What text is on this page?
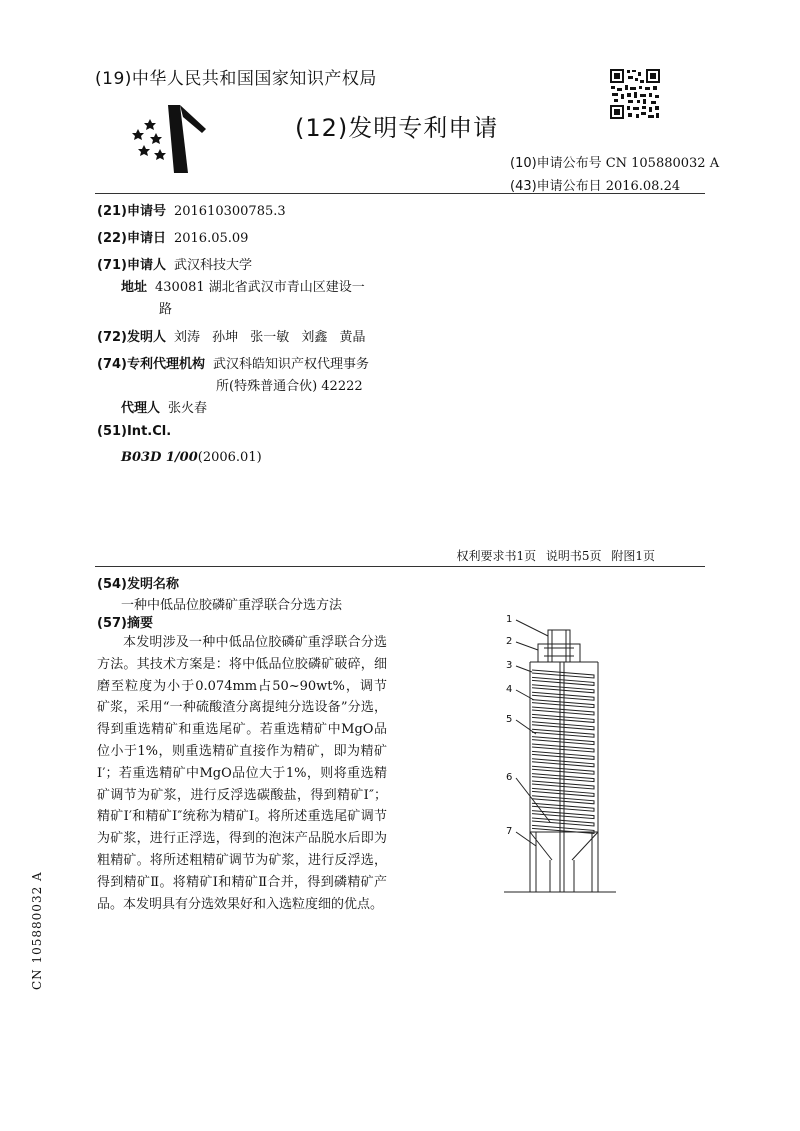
(19)中华人民共和国国家知识产权局
(12)发明专利申请
(10)申请公布号 CN 105880032 A
(43)申请公布日 2016.08.24
(21)申请号 201610300785.3
(22)申请日 2016.05.09
(71)申请人 武汉科技大学
地址 430081 湖北省武汉市青山区建设一
路
(72)发明人 刘涛 孙坤 张一敏 刘鑫 黄晶
(74)专利代理机构 武汉科皓知识产权代理事务
所(特殊普通合伙) 42222
代理人 张火春
(51)Int.Cl.
B03D 1/00(2006.01)
权利要求书1页 说明书5页 附图1页
(54)发明名称
一种中低品位胶磷矿重浮联合分选方法
(57)摘要

本发明涉及一种中低品位胶磷矿重浮联合分选方法。其技术方案是：将中低品位胶磷矿破碎，细磨至粒度为小于0.074mm占50~90wt%，调节矿浆，采用“一种硫酸渣分离提纯分选设备”分选，得到重选精矿和重选尾矿。若重选精矿中MgO品位小于1%，则重选精矿直接作为精矿，即为精矿Ⅰ′；若重选精矿中MgO品位大于1%，则将重选精矿调节为矿浆，进行反浮选碳酸盐，得到精矿Ⅰ″；精矿Ⅰ′和精矿Ⅰ″统称为精矿Ⅰ。将所述重选尾矿调节为矿浆，进行正浮选，得到的泡沫产品脱水后即为粗精矿。将所述粗精矿调节为矿浆，进行反浮选，得到精矿Ⅱ。将精矿Ⅰ和精矿Ⅱ合并，得到磷精矿产品。本发明具有分选效果好和入选粒度细的优点。

1
2
3
4
5
6
7
CN 105880032 A
